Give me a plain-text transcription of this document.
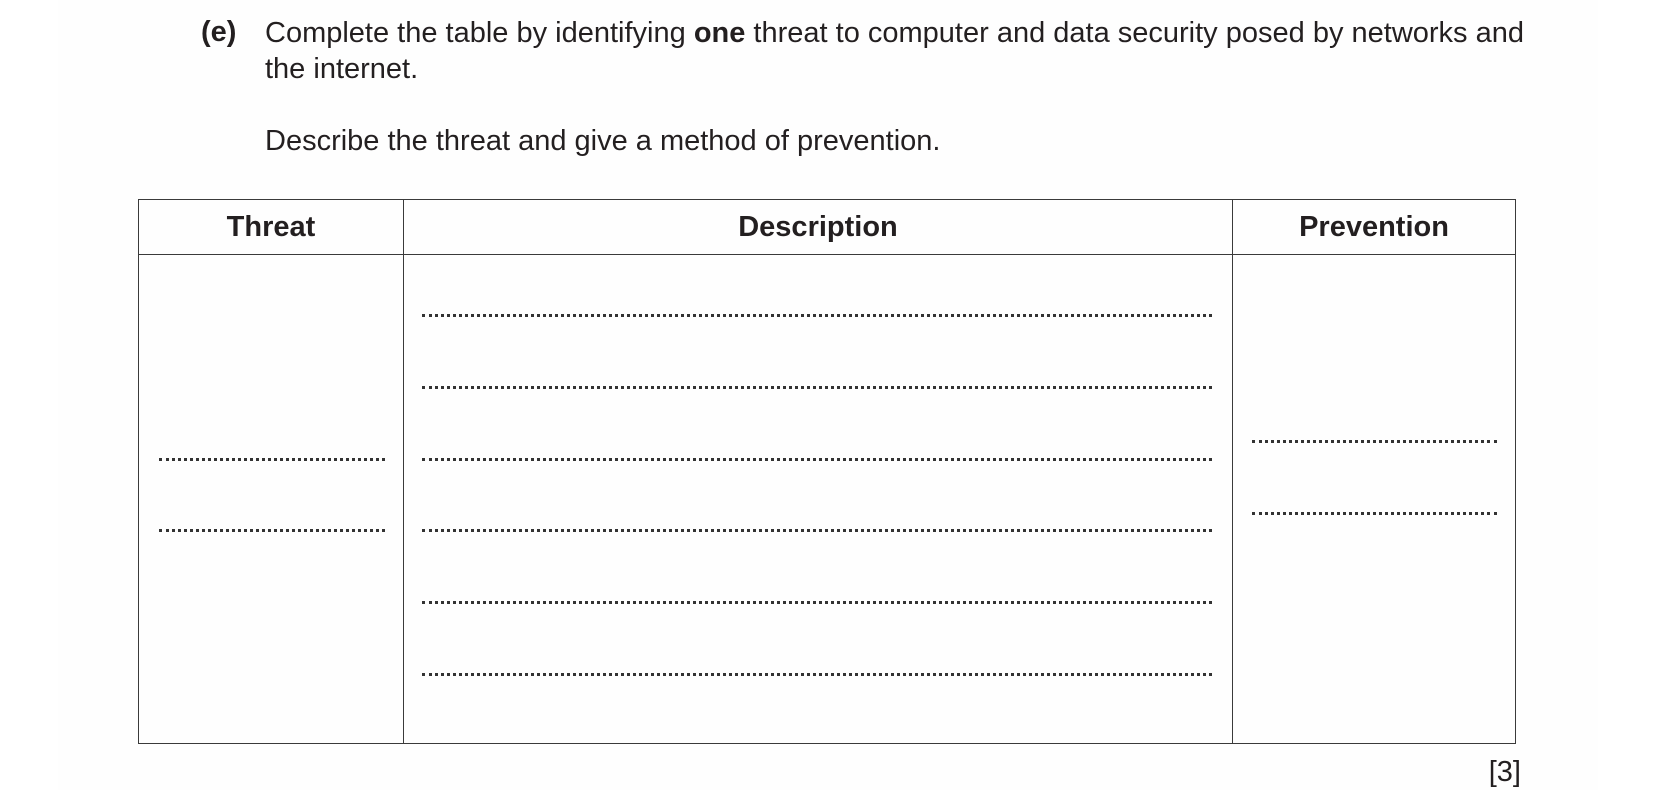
(e) Complete the table by identifying one threat to computer and data security posed by networks and the internet.
Describe the threat and give a method of prevention.
Threat	Description	Prevention

[3]
